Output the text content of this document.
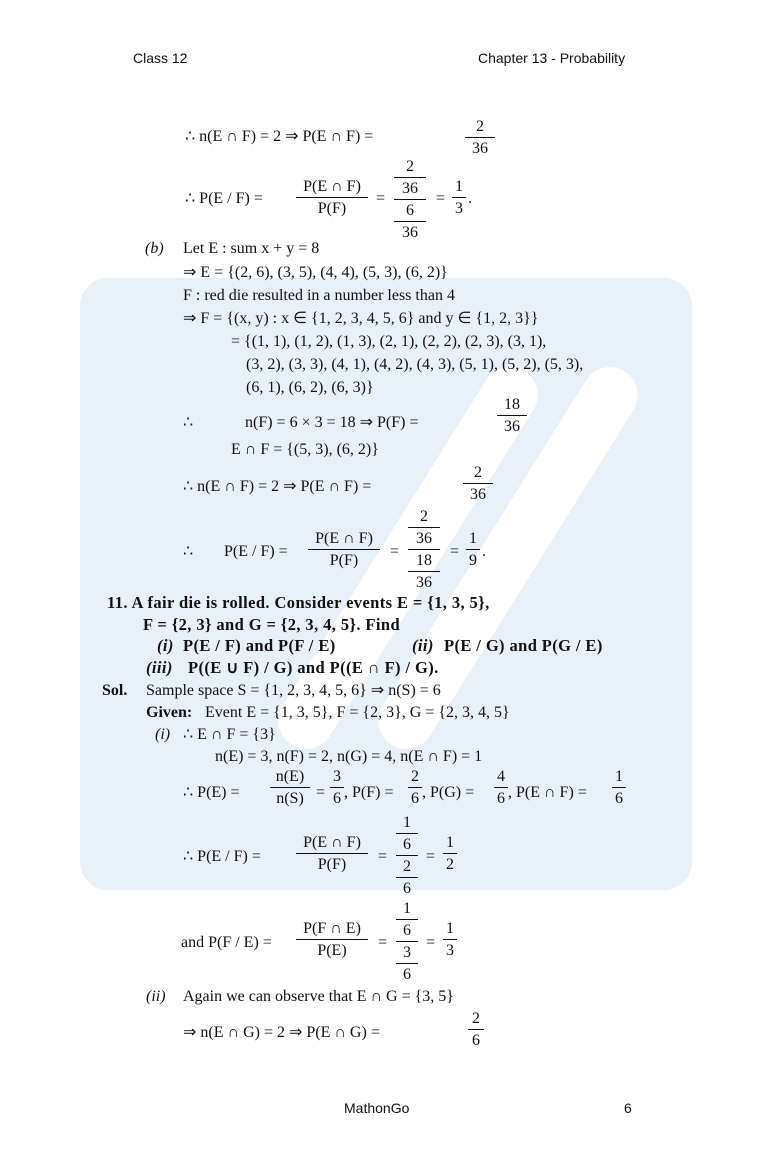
Class 12	Chapter 13 - Probability
∴ n(E ∩ F) = 2 ⇒ P(E ∩ F) =
2
36
∴ P(E / F) =
P(E ∩ F)
P(F)
=
2
36
6
36
=
1
3
.
(b) Let E : sum x + y = 8
⇒ E = {(2, 6), (3, 5), (4, 4), (5, 3), (6, 2)}
F : red die resulted in a number less than 4
⇒ F = {(x, y) : x ∈ {1, 2, 3, 4, 5, 6} and y ∈ {1, 2, 3}}
= {(1, 1), (1, 2), (1, 3), (2, 1), (2, 2), (2, 3), (3, 1),
(3, 2), (3, 3), (4, 1), (4, 2), (4, 3), (5, 1), (5, 2), (5, 3),
(6, 1), (6, 2), (6, 3)}
∴	n(F) = 6 × 3 = 18 ⇒ P(F) =
18
36
E ∩ F = {(5, 3), (6, 2)}
∴ n(E ∩ F) = 2 ⇒ P(E ∩ F) =
2
36
∴ P(E / F) =
P(E ∩ F)
P(F)
=
2
36
18
36
=
1
9
.
11. A fair die is rolled. Consider events E = {1, 3, 5},
F = {2, 3} and G = {2, 3, 4, 5}. Find
(i) P(E / F) and P(F / E)	(ii) P(E / G) and P(G / E)
(iii) P((E ∪ F) / G) and P((E ∩ F) / G).
Sol. Sample space S = {1, 2, 3, 4, 5, 6} ⇒ n(S) = 6
Given: Event E = {1, 3, 5}, F = {2, 3}, G = {2, 3, 4, 5}
(i) ∴ E ∩ F = {3}
n(E) = 3, n(F) = 2, n(G) = 4, n(E ∩ F) = 1
∴ P(E) =
n(E)
n(S) =
3
6 , P(F) =
2
6 , P(G) =
4
6 , P(E ∩ F) =
1
6
∴ P(E / F) =
P(E ∩ F)
P(F)	=
1
6
2
6
=
1
2
and P(F / E) =
P(F ∩ E)
P(E)	=
1
6
3
6
=
1
3
(ii) Again we can observe that E ∩ G = {3, 5}
⇒ n(E ∩ G) = 2 ⇒ P(E ∩ G) =
2
6
MathonGo	6
